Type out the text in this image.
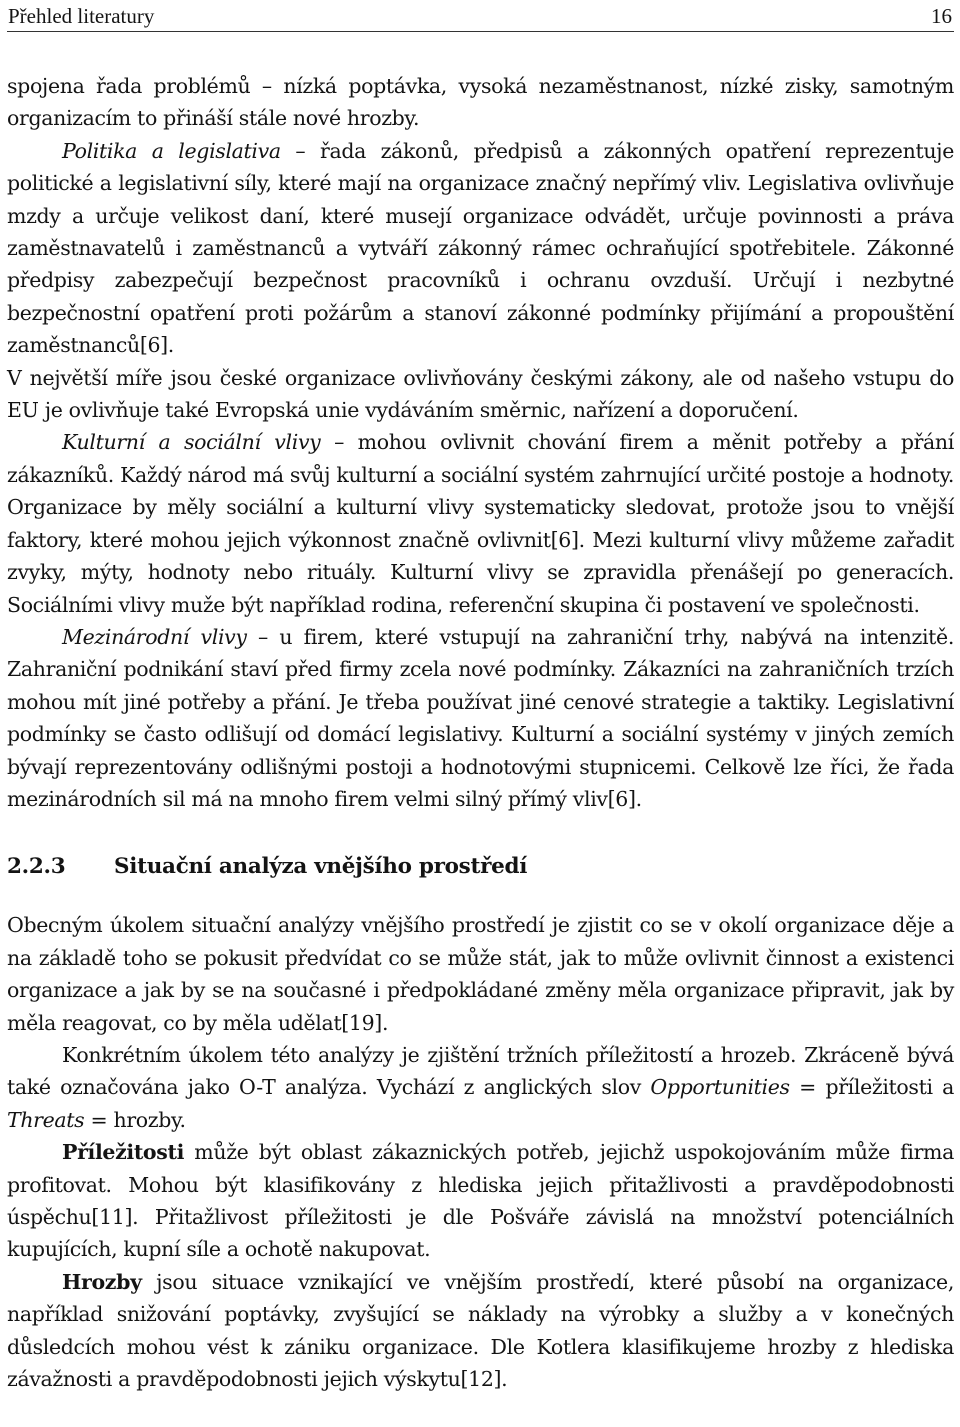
Přehled literatury	16

spojena řada problémů – nízká poptávka, vysoká nezaměstnanost, nízké zisky, samotným organizacím to přináší stále nové hrozby.

Politika a legislativa – řada zákonů, předpisů a zákonných opatření reprezentuje politické a legislativní síly, které mají na organizace značný nepřímý vliv. Legislativa ovlivňuje mzdy a určuje velikost daní, které musejí organizace odvádět, určuje povinnosti a práva zaměstnavatelů i zaměstnanců a vytváří zákonný rámec ochraňující spotřebitele. Zákonné předpisy zabezpečují bezpečnost pracovníků i ochranu ovzduší. Určují i nezbytné bezpečnostní opatření proti požárům a stanoví zákonné podmínky přijímání a propouštění zaměstnanců[6].

V největší míře jsou české organizace ovlivňovány českými zákony, ale od našeho vstupu do EU je ovlivňuje také Evropská unie vydáváním směrnic, nařízení a doporučení.

Kulturní a sociální vlivy – mohou ovlivnit chování firem a měnit potřeby a přání zákazníků. Každý národ má svůj kulturní a sociální systém zahrnující určité postoje a hodnoty. Organizace by měly sociální a kulturní vlivy systematicky sledovat, protože jsou to vnější faktory, které mohou jejich výkonnost značně ovlivnit[6]. Mezi kulturní vlivy můžeme zařadit zvyky, mýty, hodnoty nebo rituály. Kulturní vlivy se zpravidla přenášejí po generacích. Sociálními vlivy muže být například rodina, referenční skupina či postavení ve společnosti.

Mezinárodní vlivy – u firem, které vstupují na zahraniční trhy, nabývá na intenzitě. Zahraniční podnikání staví před firmy zcela nové podmínky. Zákazníci na zahraničních trzích mohou mít jiné potřeby a přání. Je třeba používat jiné cenové strategie a taktiky. Legislativní podmínky se často odlišují od domácí legislativy. Kulturní a sociální systémy v jiných zemích bývají reprezentovány odlišnými postoji a hodnotovými stupnicemi. Celkově lze říci, že řada mezinárodních sil má na mnoho firem velmi silný přímý vliv[6].

2.2.3 Situační analýza vnějšího prostředí

Obecným úkolem situační analýzy vnějšího prostředí je zjistit co se v okolí organizace děje a na základě toho se pokusit předvídat co se může stát, jak to může ovlivnit činnost a existenci organizace a jak by se na současné i předpokládané změny měla organizace připravit, jak by měla reagovat, co by měla udělat[19].

Konkrétním úkolem této analýzy je zjištění tržních příležitostí a hrozeb. Zkráceně bývá také označována jako O-T analýza. Vychází z anglických slov Opportunities = příležitosti a Threats = hrozby.

Příležitosti může být oblast zákaznických potřeb, jejichž uspokojováním může firma profitovat. Mohou být klasifikovány z hlediska jejich přitažlivosti a pravděpodobnosti úspěchu[11]. Přitažlivost příležitosti je dle Pošváře závislá na množství potenciálních kupujících, kupní síle a ochotě nakupovat.

Hrozby jsou situace vznikající ve vnějším prostředí, které působí na organizace, například snižování poptávky, zvyšující se náklady na výrobky a služby a v konečných důsledcích mohou vést k zániku organizace. Dle Kotlera klasifikujeme hrozby z hlediska závažnosti a pravděpodobnosti jejich výskytu[12].
